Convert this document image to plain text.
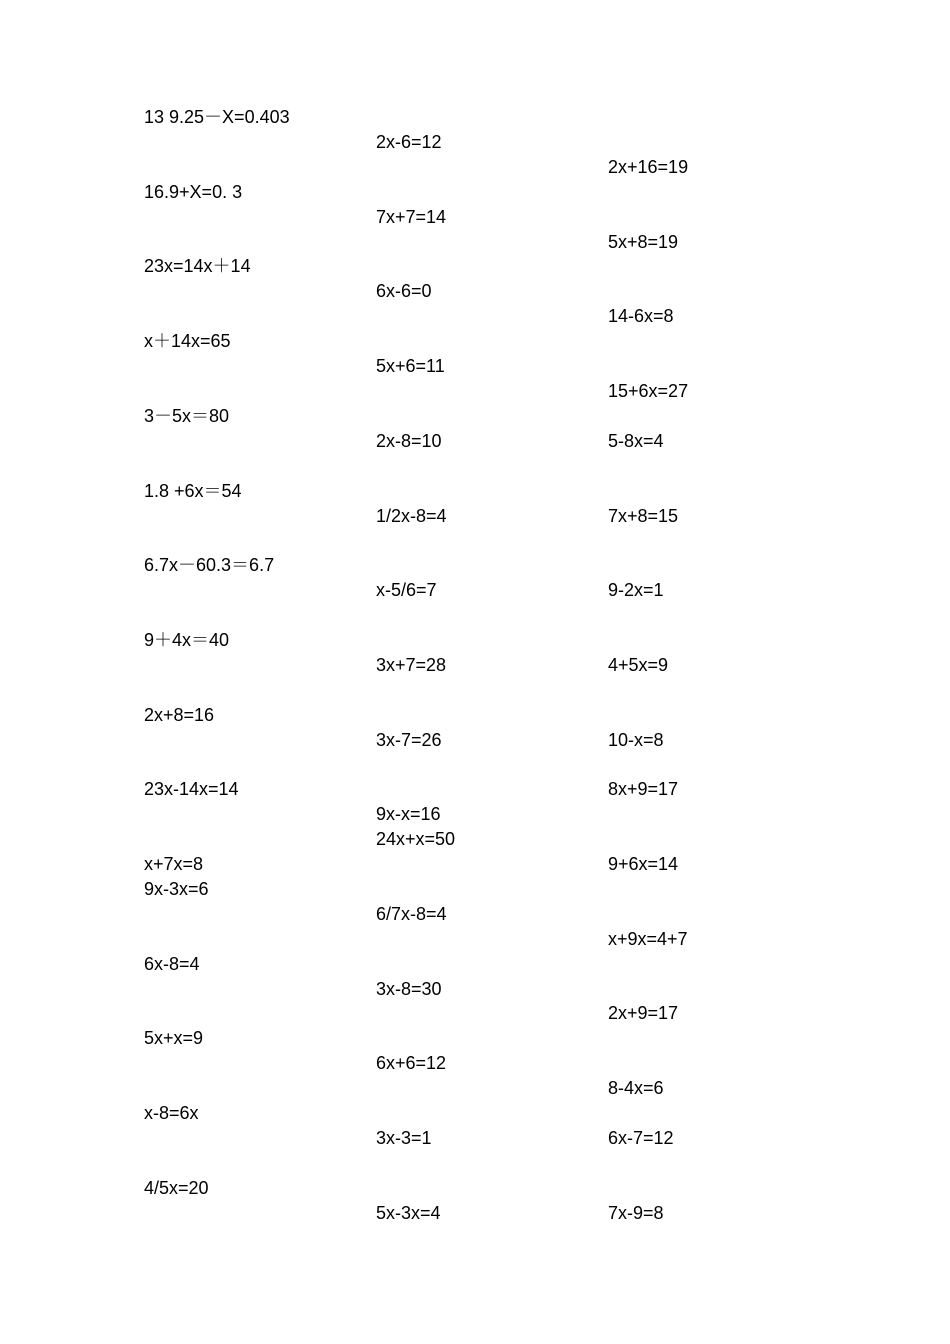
13 9.25－X=0.403
16.9+X=0. 3
23x=14x＋14
x＋14x=65
3－5x＝80
1.8 +6x＝54
6.7x－60.3＝6.7
9＋4x＝40
2x+8=16
23x-14x=14
x+7x=8
9x-3x=6
6x-8=4
5x+x=9
x-8=6x
4/5x=20
2x-6=12
7x+7=14
6x-6=0
5x+6=11
2x-8=10
1/2x-8=4
x-5/6=7
3x+7=28
3x-7=26
9x-x=16
24x+x=50
6/7x-8=4
3x-8=30
6x+6=12
3x-3=1
5x-3x=4
2x+16=19
5x+8=19
14-6x=8
15+6x=27
5-8x=4
7x+8=15
9-2x=1
4+5x=9
10-x=8
8x+9=17
9+6x=14
x+9x=4+7
2x+9=17
8-4x=6
6x-7=12
7x-9=8
